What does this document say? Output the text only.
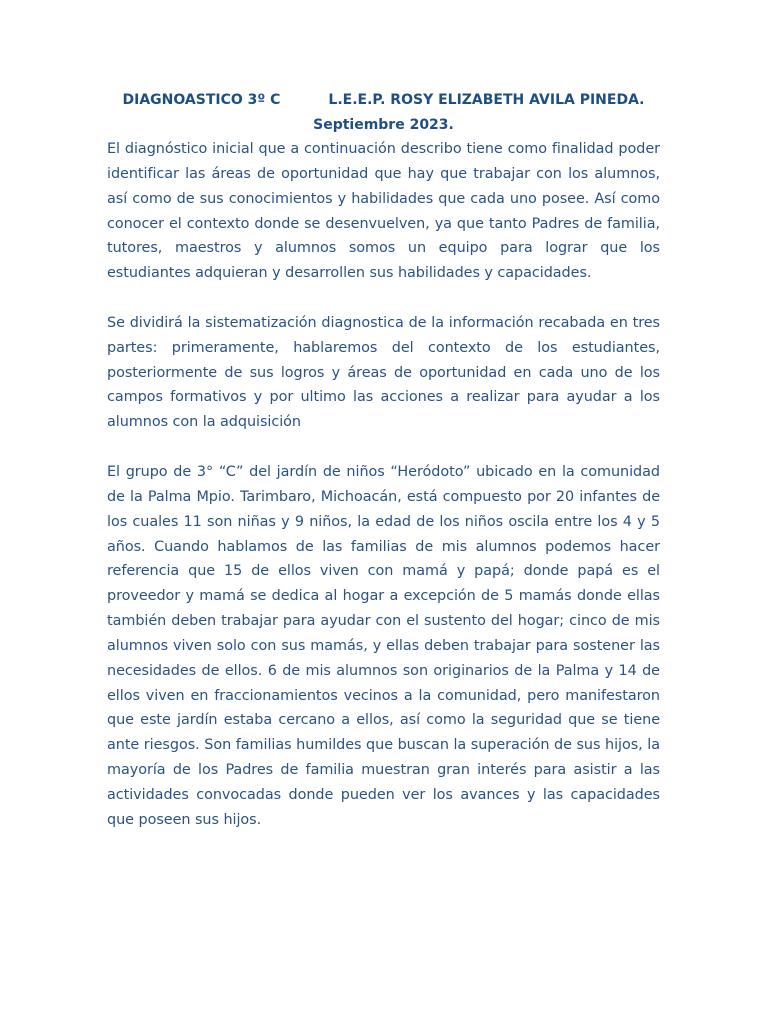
DIAGNOASTICO 3º C	L.E.E.P. ROSY ELIZABETH AVILA PINEDA.
Septiembre 2023.

El diagnóstico inicial que a continuación describo tiene como finalidad poder identificar las áreas de oportunidad que hay que trabajar con los alumnos, así como de sus conocimientos y habilidades que cada uno posee. Así como conocer el contexto donde se desenvuelven, ya que tanto Padres de familia, tutores, maestros y alumnos somos un equipo para lograr que los estudiantes adquieran y desarrollen sus habilidades y capacidades.

Se dividirá la sistematización diagnostica de la información recabada en tres partes: primeramente, hablaremos del contexto de los estudiantes, posteriormente de sus logros y áreas de oportunidad en cada uno de los campos formativos y por ultimo las acciones a realizar para ayudar a los alumnos con la adquisición

El grupo de 3° “C” del jardín de niños “Heródoto” ubicado en la comunidad de la Palma Mpio. Tarimbaro, Michoacán, está compuesto por 20 infantes de los cuales 11 son niñas y 9 niños, la edad de los niños oscila entre los 4 y 5 años. Cuando hablamos de las familias de mis alumnos podemos hacer referencia que 15 de ellos viven con mamá y papá; donde papá es el proveedor y mamá se dedica al hogar a excepción de 5 mamás donde ellas también deben trabajar para ayudar con el sustento del hogar; cinco de mis alumnos viven solo con sus mamás, y ellas deben trabajar para sostener las necesidades de ellos. 6 de mis alumnos son originarios de la Palma y 14 de ellos viven en fraccionamientos vecinos a la comunidad, pero manifestaron que este jardín estaba cercano a ellos, así como la seguridad que se tiene ante riesgos. Son familias humildes que buscan la superación de sus hijos, la mayoría de los Padres de familia muestran gran interés para asistir a las actividades convocadas donde pueden ver los avances y las capacidades que poseen sus hijos.
